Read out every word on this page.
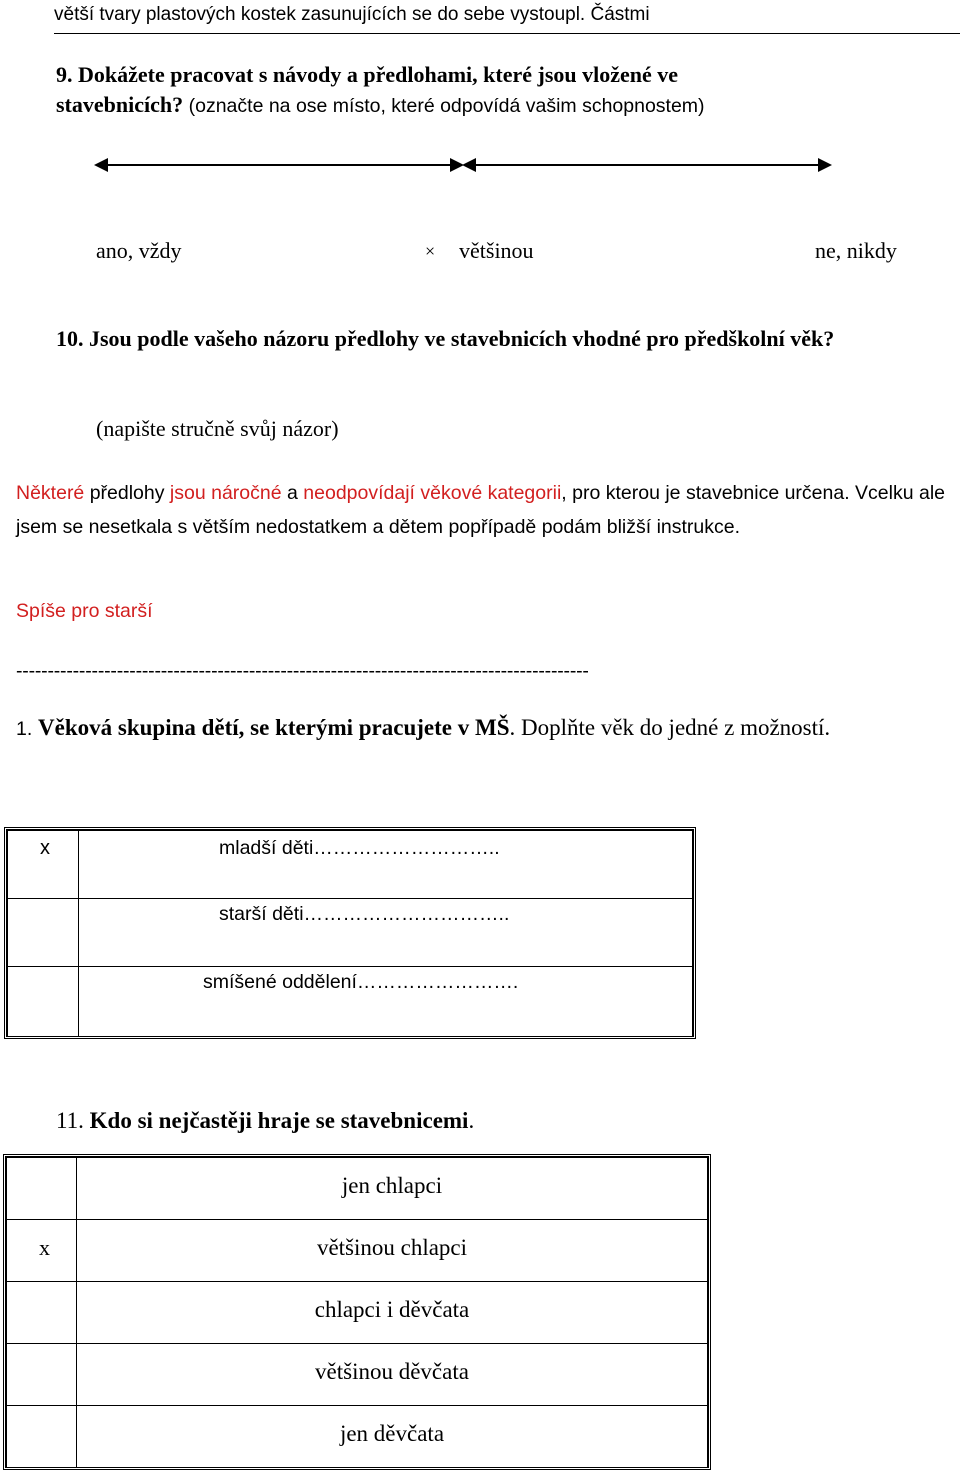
větší tvary plastových kostek zasunujících se do sebe vystoupl. Částmi
9. Dokážete pracovat s návody a předlohami, které jsou vložené ve
stavebnicích? (označte na ose místo, které odpovídá vašim schopnostem)
ano, vždy	× většinou	ne, nikdy
10. Jsou podle vašeho názoru předlohy ve stavebnicích vhodné pro předškolní věk?
(napište stručně svůj názor)
Některé předlohy jsou náročné a neodpovídají věkové kategorii, pro kterou je stavebnice určena. Vcelku ale jsem se nesetkala s větším nedostatkem a dětem popřípadě podám bližší instrukce.
Spíše pro starší
-------------------------------------------------------------------------------------------
1. Věková skupina dětí, se kterými pracujete v MŠ. Doplňte věk do jedné z možností.
x	mladší děti………………………..

	starší děti…………………………..

	smíšené oddělení…………………….
11. Kdo si nejčastěji hraje se stavebnicemi.

	jen chlapci

x	většinou chlapci

	chlapci i děvčata

	většinou děvčata

	jen děvčata
